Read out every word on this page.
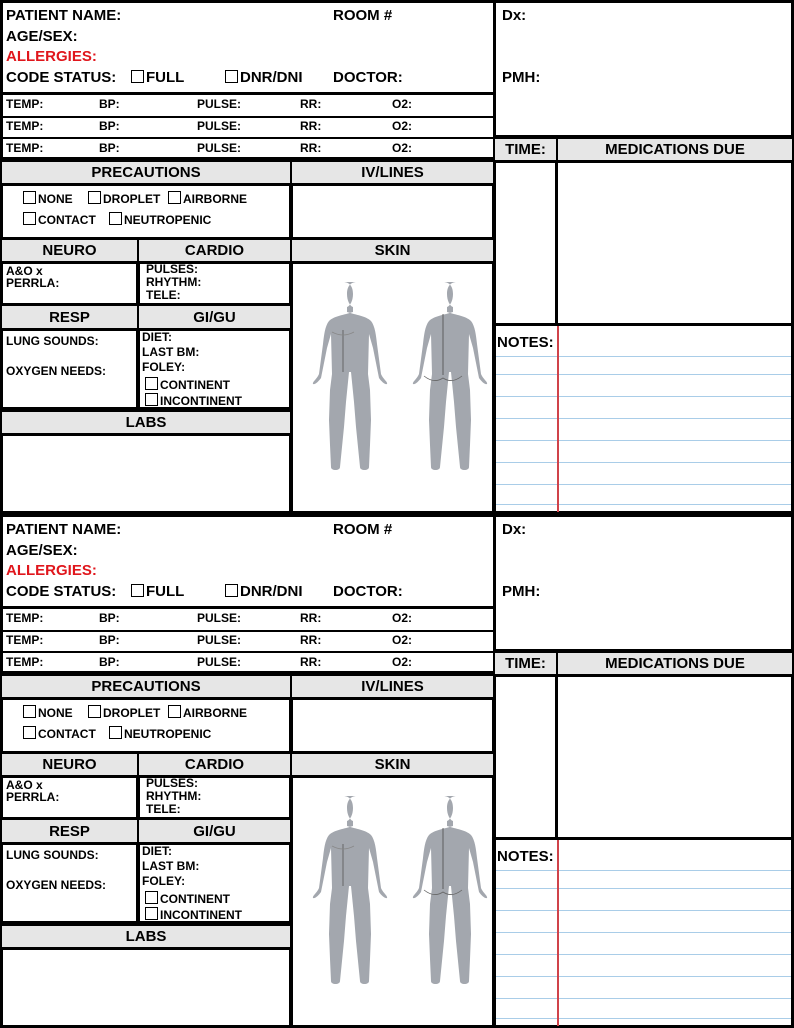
PATIENT NAME:	ROOM #
AGE/SEX:
ALLERGIES:
CODE STATUS:	FULL	DNR/DNI DOCTOR:
TEMP:	BP:	PULSE:	RR:	O2:
TEMP:	BP:	PULSE:	RR:	O2:
TEMP:	BP:	PULSE:	RR:	O2:
Dx:
PMH:
TIME:	MEDICATIONS DUE
NOTES:
PRECAUTIONS	IV/LINES
NONE	DROPLET	AIRBORNE
CONTACT	NEUTROPENIC
NEURO	CARDIO	SKIN
A&O x
PERRLA:
PULSES:
RHYTHM:
TELE:
RESP	GI/GU
LUNG SOUNDS:
OXYGEN NEEDS:
DIET:
LAST BM:
FOLEY:
CONTINENT
INCONTINENT
LABS
PATIENT NAME:	ROOM #
AGE/SEX:
ALLERGIES:
CODE STATUS:	FULL	DNR/DNI DOCTOR:
TEMP:	BP:	PULSE:	RR:	O2:
TEMP:	BP:	PULSE:	RR:	O2:
TEMP:	BP:	PULSE:	RR:	O2:
Dx:
PMH:
TIME:	MEDICATIONS DUE
NOTES:
PRECAUTIONS	IV/LINES
NONE	DROPLET	AIRBORNE
CONTACT	NEUTROPENIC
NEURO	CARDIO	SKIN
A&O x
PERRLA:
PULSES:
RHYTHM:
TELE:
RESP	GI/GU
LUNG SOUNDS:
OXYGEN NEEDS:
DIET:
LAST BM:
FOLEY:
CONTINENT
INCONTINENT
LABS
